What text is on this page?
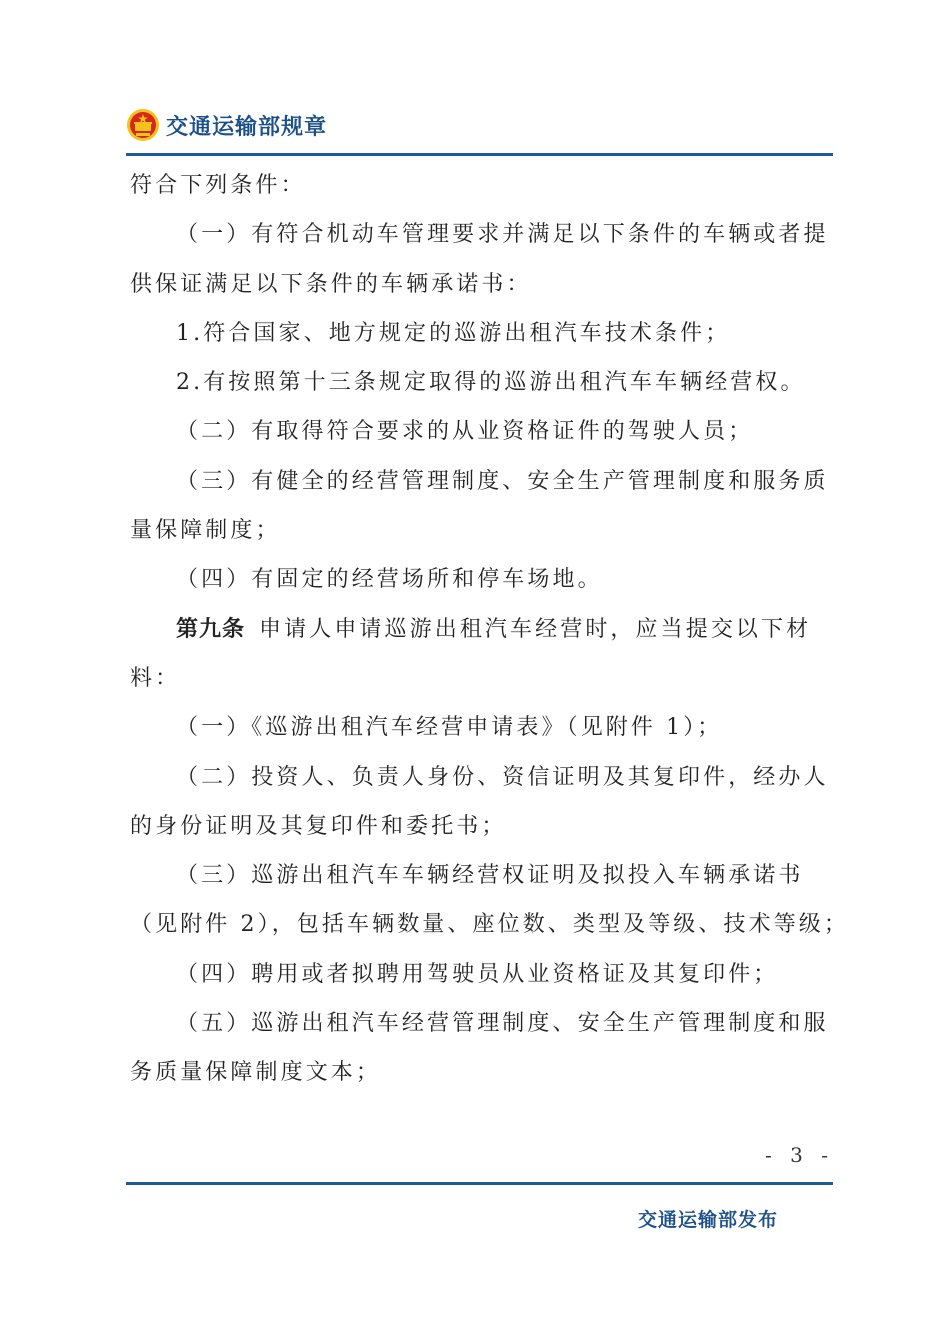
交通运输部规章
符合下列条件：
（一）有符合机动车管理要求并满足以下条件的车辆或者提
供保证满足以下条件的车辆承诺书：
1.符合国家、地方规定的巡游出租汽车技术条件；
2.有按照第十三条规定取得的巡游出租汽车车辆经营权。
（二）有取得符合要求的从业资格证件的驾驶人员；
（三）有健全的经营管理制度、安全生产管理制度和服务质
量保障制度；
（四）有固定的经营场所和停车场地。
第九条 申请人申请巡游出租汽车经营时，应当提交以下材
料：
（一）《巡游出租汽车经营申请表》（见附件 1）；
（二）投资人、负责人身份、资信证明及其复印件，经办人
的身份证明及其复印件和委托书；
（三）巡游出租汽车车辆经营权证明及拟投入车辆承诺书
（见附件 2），包括车辆数量、座位数、类型及等级、技术等级；
（四）聘用或者拟聘用驾驶员从业资格证及其复印件；
（五）巡游出租汽车经营管理制度、安全生产管理制度和服
务质量保障制度文本；
- 3 -
交通运输部发布
